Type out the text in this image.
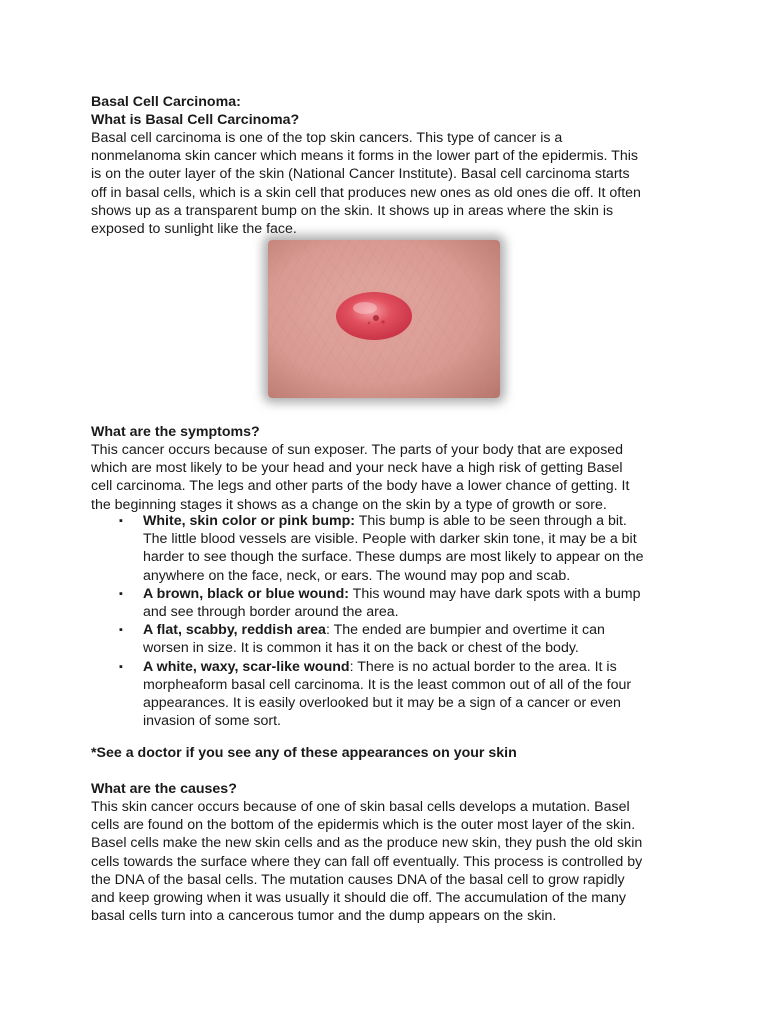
Basal Cell Carcinoma:
What is Basal Cell Carcinoma?
Basal cell carcinoma is one of the top skin cancers. This type of cancer is a
nonmelanoma skin cancer which means it forms in the lower part of the epidermis. This
is on the outer layer of the skin (National Cancer Institute). Basal cell carcinoma starts
off in basal cells, which is a skin cell that produces new ones as old ones die off. It often
shows up as a transparent bump on the skin. It shows up in areas where the skin is
exposed to sunlight like the face.
What are the symptoms?
This cancer occurs because of sun exposer. The parts of your body that are exposed
which are most likely to be your head and your neck have a high risk of getting Basel
cell carcinoma. The legs and other parts of the body have a lower chance of getting. It
the beginning stages it shows as a change on the skin by a type of growth or sore.
▪ White, skin color or pink bump: This bump is able to be seen through a bit.
The little blood vessels are visible. People with darker skin tone, it may be a bit
harder to see though the surface. These dumps are most likely to appear on the
anywhere on the face, neck, or ears. The wound may pop and scab.
▪ A brown, black or blue wound: This wound may have dark spots with a bump
and see through border around the area.
▪ A flat, scabby, reddish area: The ended are bumpier and overtime it can
worsen in size. It is common it has it on the back or chest of the body.
▪ A white, waxy, scar-like wound: There is no actual border to the area. It is
morpheaform basal cell carcinoma. It is the least common out of all of the four
appearances. It is easily overlooked but it may be a sign of a cancer or even
invasion of some sort.
*See a doctor if you see any of these appearances on your skin
What are the causes?
This skin cancer occurs because of one of skin basal cells develops a mutation. Basel
cells are found on the bottom of the epidermis which is the outer most layer of the skin.
Basel cells make the new skin cells and as the produce new skin, they push the old skin
cells towards the surface where they can fall off eventually. This process is controlled by
the DNA of the basal cells. The mutation causes DNA of the basal cell to grow rapidly
and keep growing when it was usually it should die off. The accumulation of the many
basal cells turn into a cancerous tumor and the dump appears on the skin.
